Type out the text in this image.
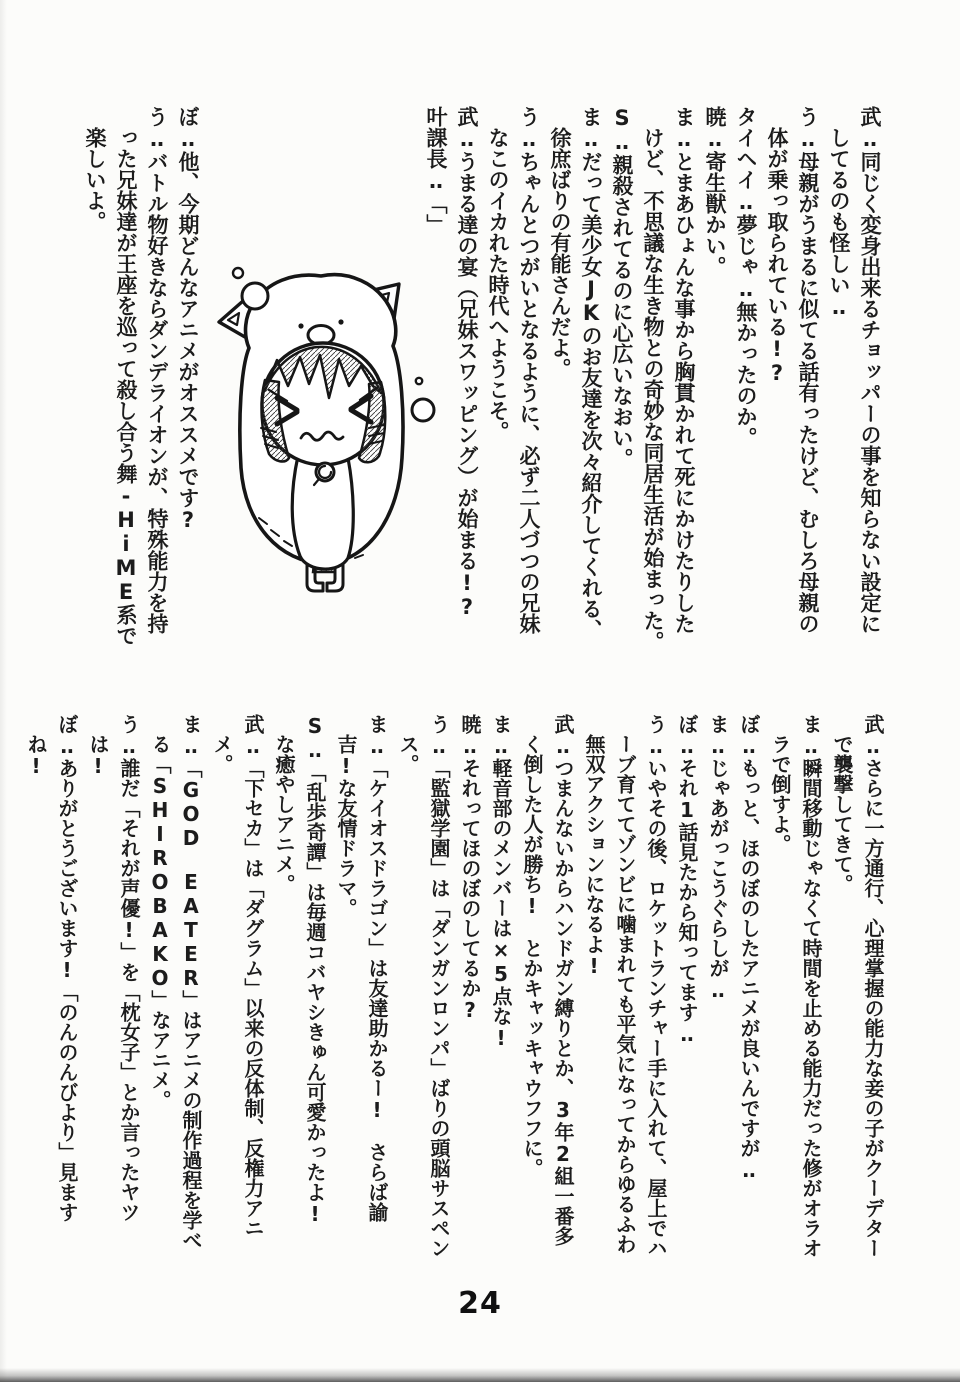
武‥同じく変身出来るチョッパーの事を知らない設定にしてるのも怪しい‥

う‥母親がうまるに似てる話有ったけど、むしろ母親の体が乗っ取られている!?

タイヘイ‥夢じゃ‥無かったのか。

暁‥寄生獣かい。

ま‥とまあひょんな事から胸貫かれて死にかけたりしたけど、不思議な生き物との奇妙な同居生活が始まった。

S‥親殺されてるのに心広いなおい。

ま‥だって美少女JKのお友達を次々紹介してくれる、徐庶ばりの有能さんだよ。

う‥ちゃんとつがいとなるように、必ず二人づつの兄妹なこのイカれた時代へようこそ。

武‥うまる達の宴（兄妹スワッピング）が始まる!?

叶課長‥「」

ぼ‥他、今期どんなアニメがオススメです?

う‥バトル物好きならダンデライオンが、特殊能力を持った兄妹達が王座を巡って殺し合う舞-HiME系で楽しいよ。

武‥さらに一方通行、心理掌握の能力な妾の子がクーデターで襲撃してきて。

ま‥瞬間移動じゃなくて時間を止める能力だった修がオラオラで倒すよ。

ぼ‥もっと、ほのぼのしたアニメが良いんですが‥

ま‥じゃあがっこうぐらしが‥

ぼ‥それ1話見たから知ってます‥

う‥いやその後、ロケットランチャー手に入れて、屋上でハーブ育ててゾンビに噛まれても平気になってからゆるふわ無双アクションになるよ!

武‥つまんないからハンドガン縛りとか、3年2組一番多く倒した人が勝ち!　とかキャッキャウフフに。

ま‥軽音部のメンバーは×5点な!

暁‥それってほのぼのしてるか?

う‥「監獄学園」は「ダンガンロンパ」ばりの頭脳サスペンス。

ま‥「ケイオスドラゴン」は友達助かるー!　さらば諭吉!な友情ドラマ。

S‥「乱歩奇譚」は毎週コバヤシきゅん可愛かったよ!　な癒やしアニメ。

武‥「下セカ」は「ダグラム」以来の反体制、反権力アニメ。

ま‥「GOD　EATER」はアニメの制作過程を学べる「SHIROBAKO」なアニメ。

う‥誰だ「それが声優!」を「枕女子」とか言ったヤツは!

ぼ‥ありがとうございます!「のんのんびより」見ますね!

24
